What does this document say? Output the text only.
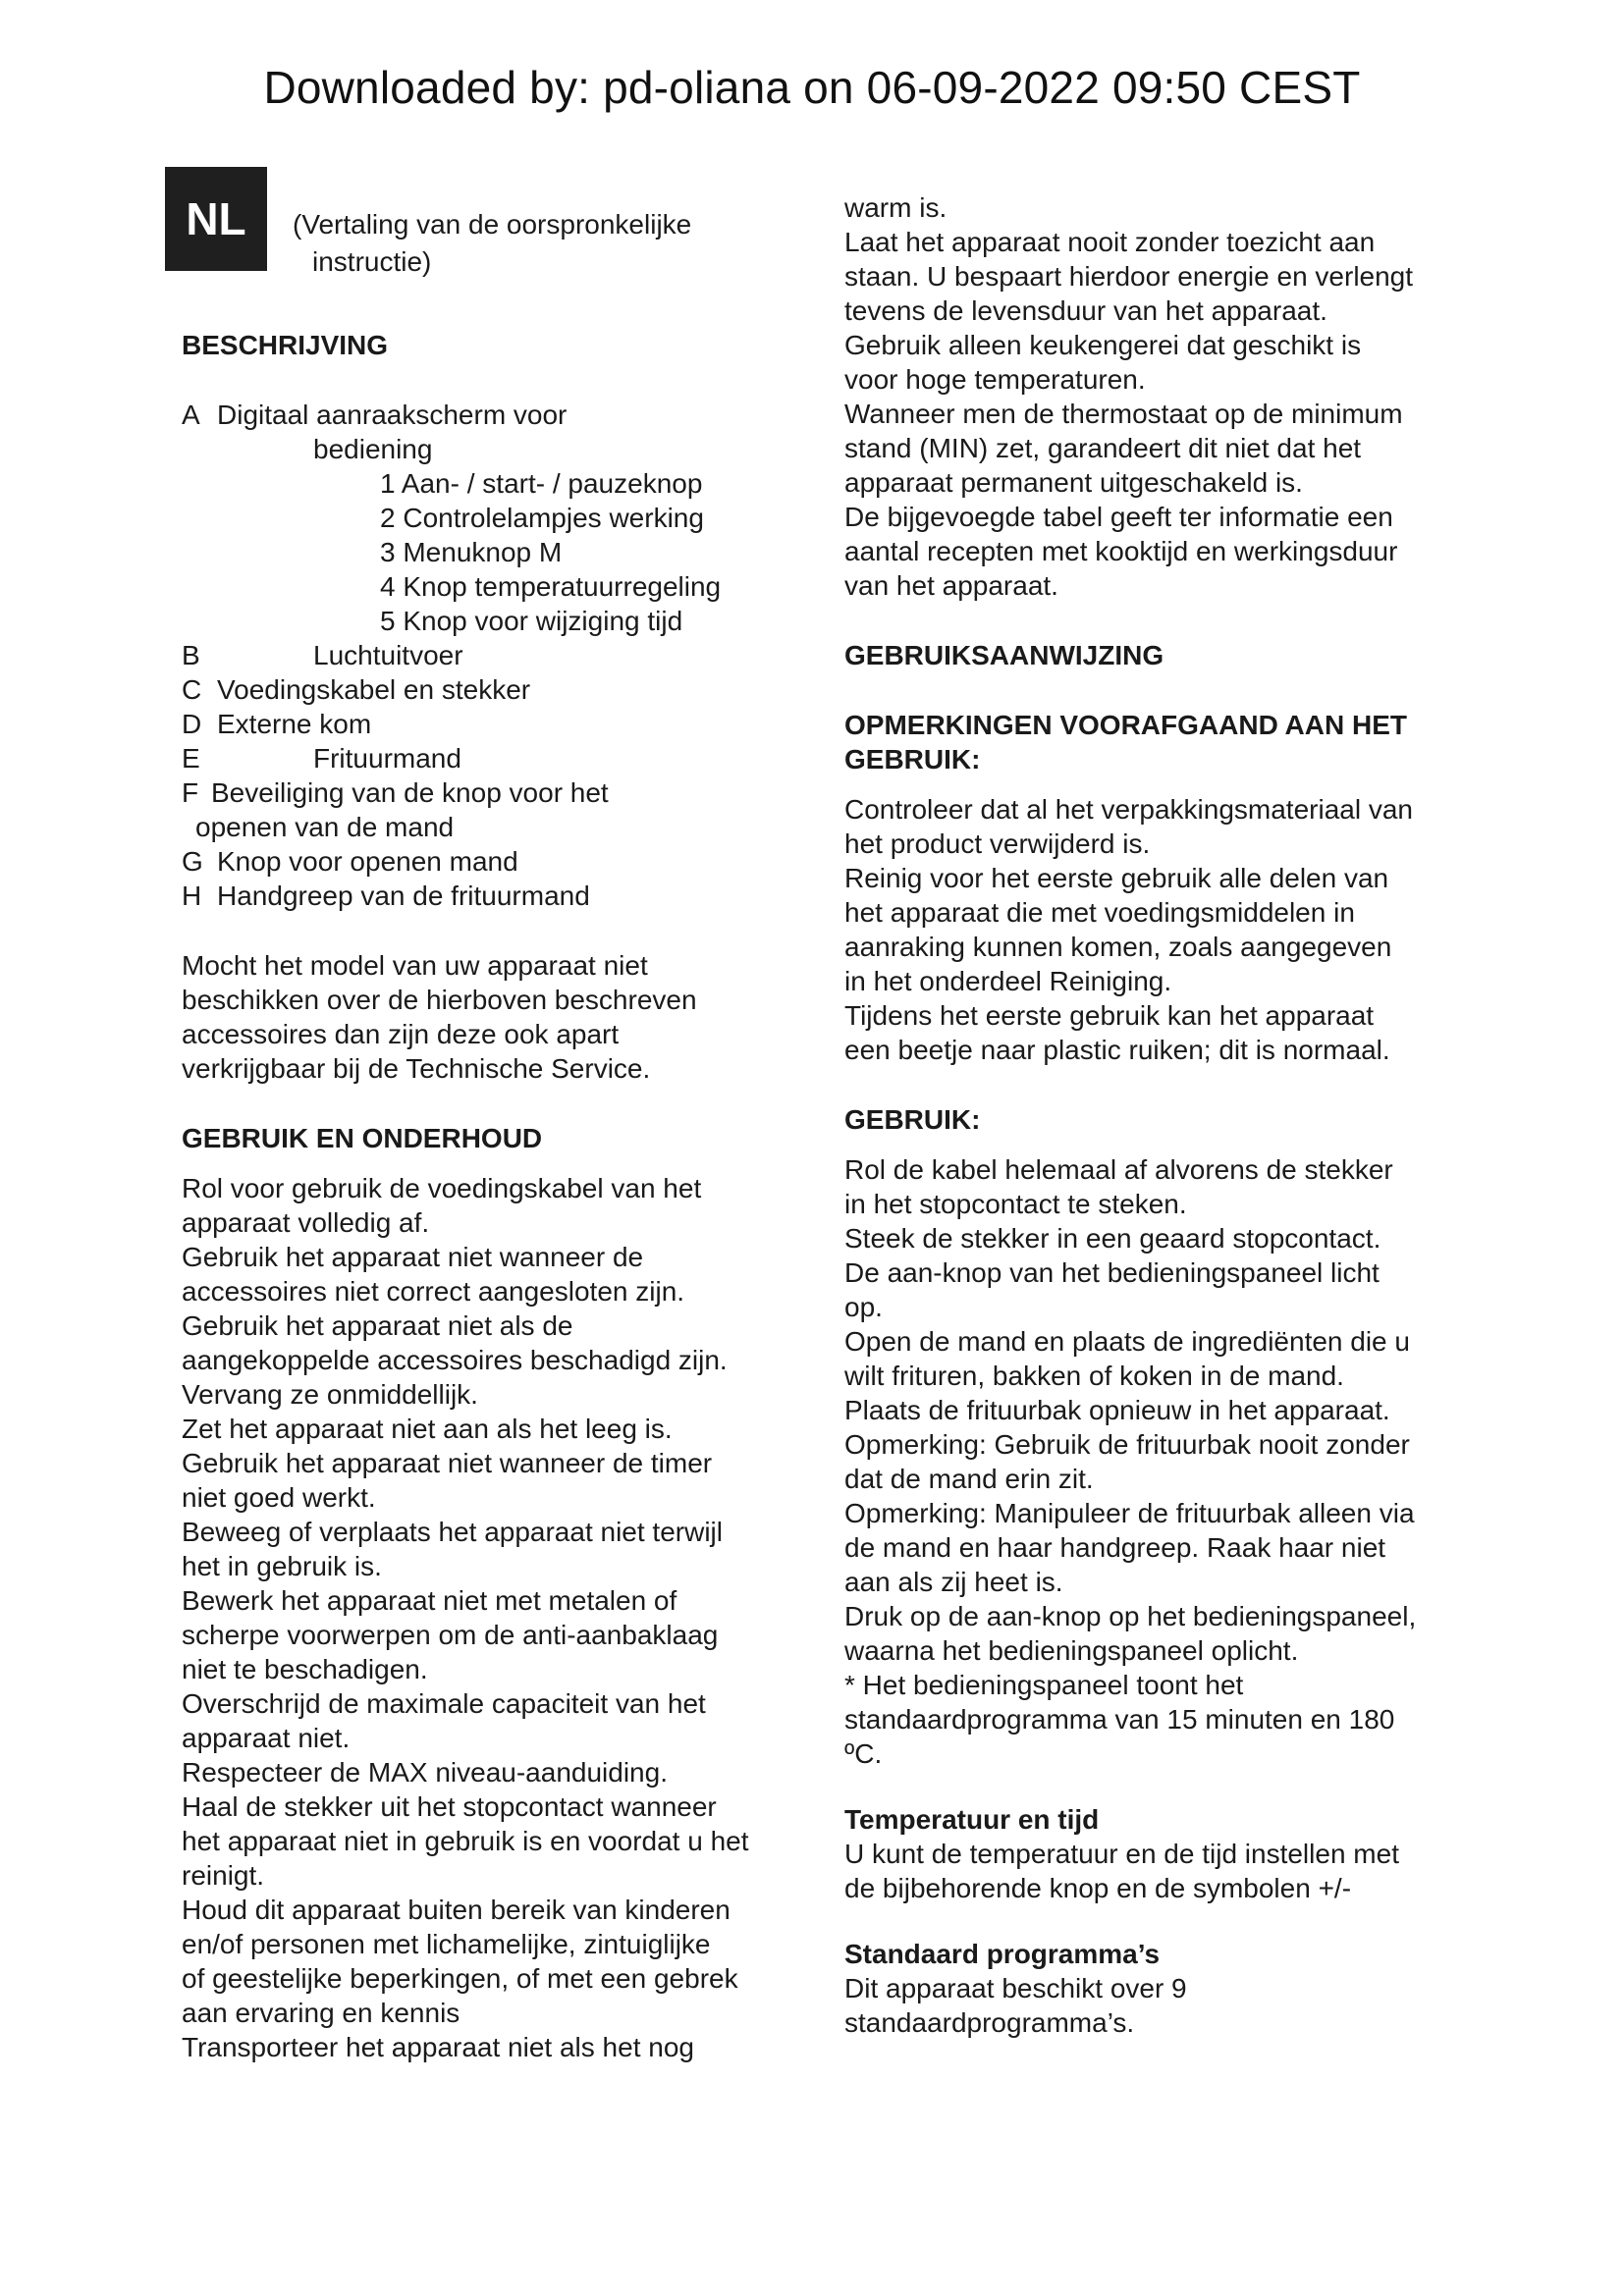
Downloaded by: pd-oliana on 06-09-2022 09:50 CEST
NL	(Vertaling van de oorspronkelijke
instructie)

BESCHRIJVING

A Digitaal aanraakscherm voor

bediening

1 Aan- / start- / pauzeknop

2 Controlelampjes werking

3 Menuknop M

4 Knop temperatuurregeling

5 Knop voor wijziging tijd

B	Luchtuitvoer

C Voedingskabel en stekker

D Externe kom

E	Frituurmand

F Beveiliging van de knop voor het

openen van de mand

G Knop voor openen mand

H Handgreep van de frituurmand

Mocht het model van uw apparaat niet

beschikken over de hierboven beschreven

accessoires dan zijn deze ook apart

verkrijgbaar bij de Technische Service.

GEBRUIK EN ONDERHOUD

Rol voor gebruik de voedingskabel van het

apparaat volledig af.

Gebruik het apparaat niet wanneer de

accessoires niet correct aangesloten zijn.

Gebruik het apparaat niet als de

aangekoppelde accessoires beschadigd zijn.

Vervang ze onmiddellijk.

Zet het apparaat niet aan als het leeg is.

Gebruik het apparaat niet wanneer de timer

niet goed werkt.

Beweeg of verplaats het apparaat niet terwijl

het in gebruik is.

Bewerk het apparaat niet met metalen of

scherpe voorwerpen om de anti-aanbaklaag

niet te beschadigen.

Overschrijd de maximale capaciteit van het

apparaat niet.

Respecteer de MAX niveau-aanduiding.

Haal de stekker uit het stopcontact wanneer

het apparaat niet in gebruik is en voordat u het

reinigt.

Houd dit apparaat buiten bereik van kinderen

en/of personen met lichamelijke, zintuiglijke

of geestelijke beperkingen, of met een gebrek

aan ervaring en kennis

Transporteer het apparaat niet als het nog

warm is.

Laat het apparaat nooit zonder toezicht aan

staan. U bespaart hierdoor energie en verlengt

tevens de levensduur van het apparaat.

Gebruik alleen keukengerei dat geschikt is

voor hoge temperaturen.

Wanneer men de thermostaat op de minimum

stand (MIN) zet, garandeert dit niet dat het

apparaat permanent uitgeschakeld is.

De bijgevoegde tabel geeft ter informatie een

aantal recepten met kooktijd en werkingsduur

van het apparaat.

GEBRUIKSAANWIJZING

OPMERKINGEN VOORAFGAAND AAN HET

GEBRUIK:

Controleer dat al het verpakkingsmateriaal van

het product verwijderd is.

Reinig voor het eerste gebruik alle delen van

het apparaat die met voedingsmiddelen in

aanraking kunnen komen, zoals aangegeven

in het onderdeel Reiniging.

Tijdens het eerste gebruik kan het apparaat

een beetje naar plastic ruiken; dit is normaal.

GEBRUIK:

Rol de kabel helemaal af alvorens de stekker

in het stopcontact te steken.

Steek de stekker in een geaard stopcontact.

De aan-knop van het bedieningspaneel licht

op.

Open de mand en plaats de ingrediënten die u

wilt frituren, bakken of koken in de mand.

Plaats de frituurbak opnieuw in het apparaat.

Opmerking: Gebruik de frituurbak nooit zonder

dat de mand erin zit.

Opmerking: Manipuleer de frituurbak alleen via

de mand en haar handgreep. Raak haar niet

aan als zij heet is.

Druk op de aan-knop op het bedieningspaneel,

waarna het bedieningspaneel oplicht.

* Het bedieningspaneel toont het

standaardprogramma van 15 minuten en 180

ºC.

Temperatuur en tijd

U kunt de temperatuur en de tijd instellen met

de bijbehorende knop en de symbolen +/-

Standaard programma’s

Dit apparaat beschikt over 9

standaardprogramma’s.
